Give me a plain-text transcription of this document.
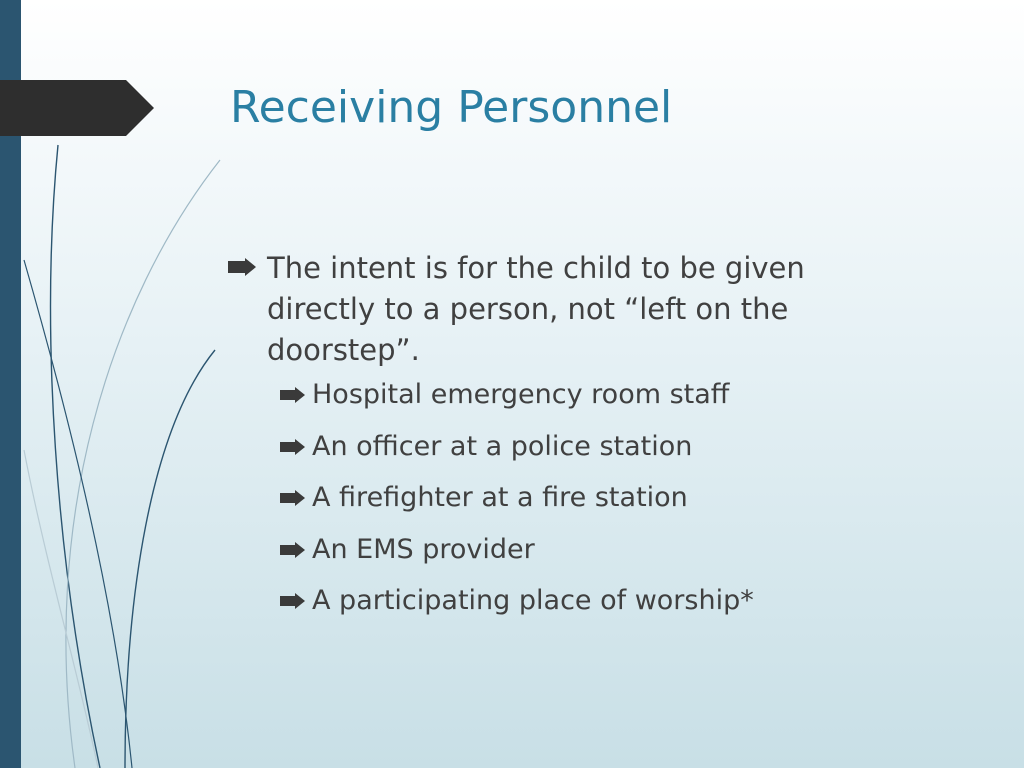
Receiving Personnel
The intent is for the child to be given directly to a person, not “left on the doorstep”.
Hospital emergency room staff
An officer at a police station
A firefighter at a fire station
An EMS provider
A participating place of worship*
